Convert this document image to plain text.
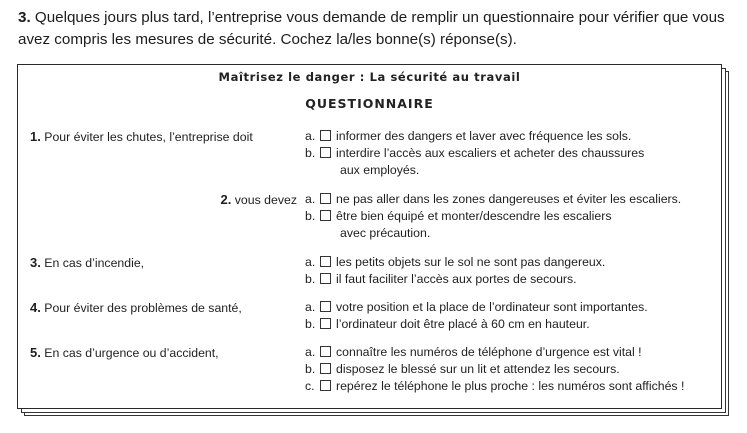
3. Quelques jours plus tard, l’entreprise vous demande de remplir un questionnaire pour vérifier que vous avez compris les mesures de sécurité. Cochez la/les bonne(s) réponse(s).
Maîtrisez le danger : La sécurité au travail
QUESTIONNAIRE
1. Pour éviter les chutes, l’entreprise doit	a. informer des dangers et laver avec fréquence les sols.
b. interdire l’accès aux escaliers et acheter des chaussures
aux employés.
2. vous devez a. ne pas aller dans les zones dangereuses et éviter les escaliers.
b. être bien équipé et monter/descendre les escaliers
avec précaution.
3. En cas d’incendie,	a. les petits objets sur le sol ne sont pas dangereux.
b. il faut faciliter l’accès aux portes de secours.
4. Pour éviter des problèmes de santé,	a. votre position et la place de l’ordinateur sont importantes.
b. l’ordinateur doit être placé à 60 cm en hauteur.
5. En cas d’urgence ou d’accident,	a. connaître les numéros de téléphone d’urgence est vital !
b. disposez le blessé sur un lit et attendez les secours.
c. repérez le téléphone le plus proche : les numéros sont affichés !
